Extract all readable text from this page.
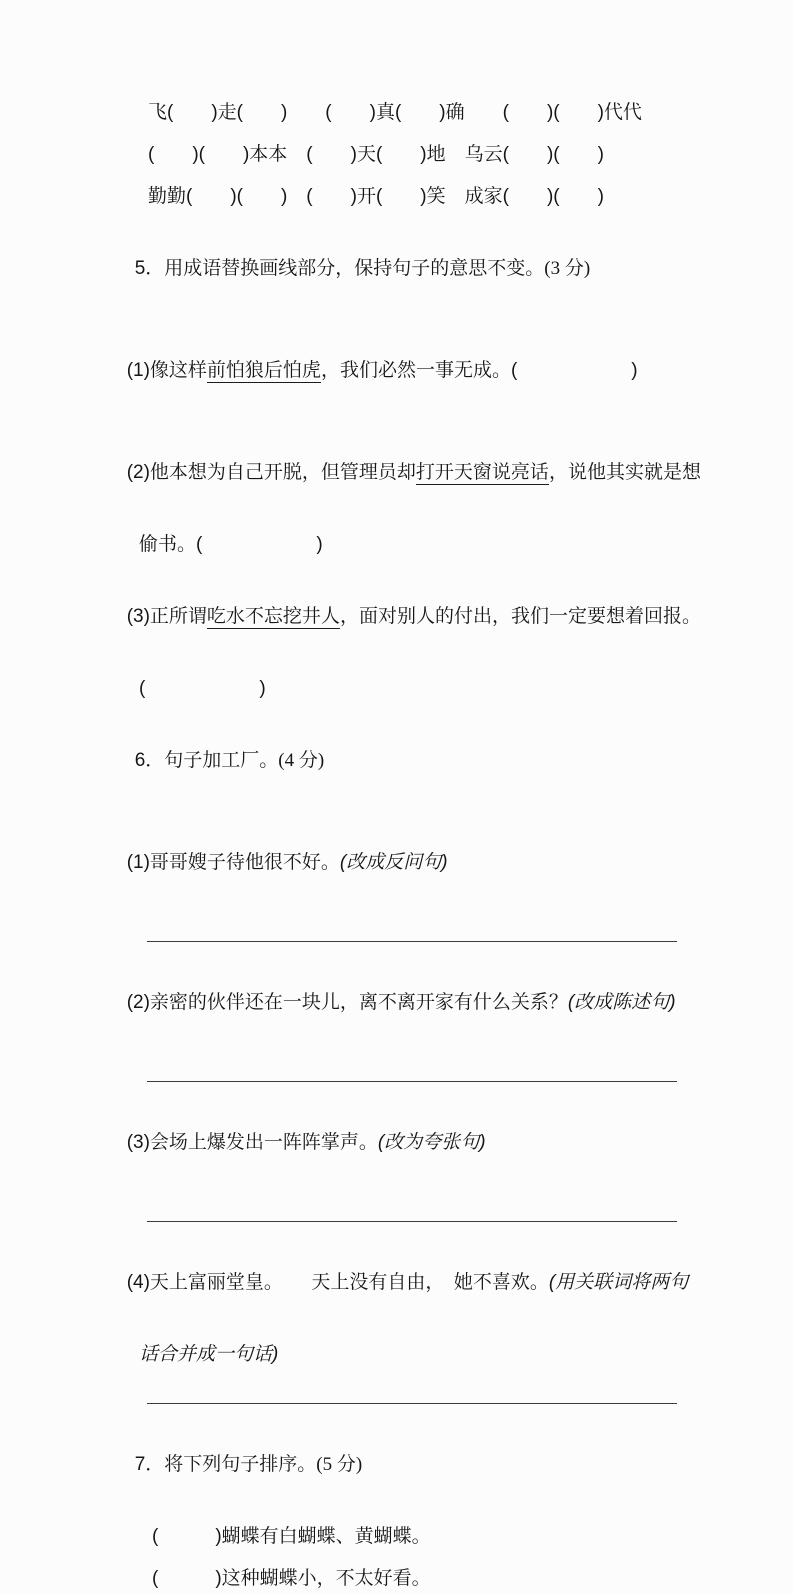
飞(　　)走(　　)　　(　　)真(　　)确　　(　　)(　　)代代
(　　)(　　)本本　(　　)天(　　)地　乌云(　　)(　　)
勤勤(　　)(　　)　(　　)开(　　)笑　成家(　　)(　　)

5．用成语替换画线部分，保持句子的意思不变。(3 分)

(1)像这样前怕狼后怕虎，我们必然一事无成。(　　　　　　)

(2)他本想为自己开脱，但管理员却打开天窗说亮话，说他其实就是想

偷书。(　　　　　　)

(3)正所谓吃水不忘挖井人，面对别人的付出，我们一定要想着回报。

(　　　　　　)

6．句子加工厂。(4 分)

(1)哥哥嫂子待他很不好。(改成反问句)

(2)亲密的伙伴还在一块儿，离不离开家有什么关系？(改成陈述句)

(3)会场上爆发出一阵阵掌声。(改为夸张句)

(4)天上富丽堂皇。　　天上没有自由，　她不喜欢。(用关联词将两句

话合并成一句话)

7．将下列句子排序。(5 分)

(　　　)蝴蝶有白蝴蝶、黄蝴蝶。
(　　　)这种蝴蝶小，不太好看。
